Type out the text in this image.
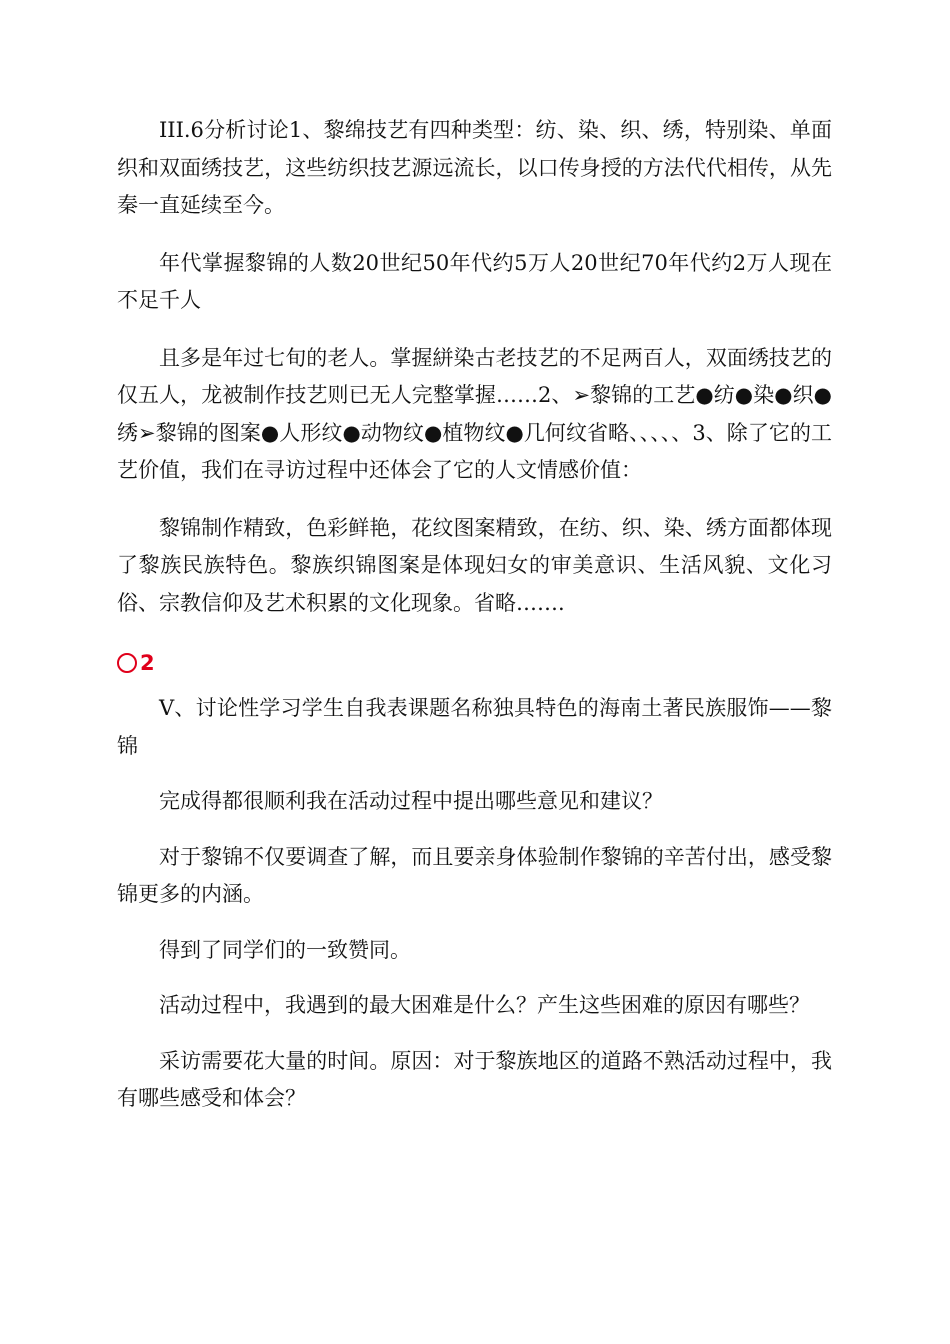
III.6分析讨论1、黎绵技艺有四种类型：纺、染、织、绣，特别染、单面织和双面绣技艺，这些纺织技艺源远流长，以口传身授的方法代代相传，从先秦一直延续至今。

年代掌握黎锦的人数20世纪50年代约5万人20世纪70年代约2万人现在不足千人

且多是年过七旬的老人。掌握絣染古老技艺的不足两百人，双面绣技艺的仅五人，龙被制作技艺则已无人完整掌握……2、➢黎锦的工艺●纺●染●织●绣➢黎锦的图案●人形纹●动物纹●植物纹●几何纹省略、、、、、3、除了它的工艺价值，我们在寻访过程中还体会了它的人文情感价值：

黎锦制作精致，色彩鲜艳，花纹图案精致，在纺、织、染、绣方面都体现了黎族民族特色。黎族织锦图案是体现妇女的审美意识、生活风貌、文化习俗、宗教信仰及艺术积累的文化现象。省略…….

2

V、讨论性学习学生自我表课题名称独具特色的海南土著民族服饰——黎锦

完成得都很顺利我在活动过程中提出哪些意见和建议？

对于黎锦不仅要调查了解，而且要亲身体验制作黎锦的辛苦付出，感受黎锦更多的内涵。

得到了同学们的一致赞同。

活动过程中，我遇到的最大困难是什么？产生这些困难的原因有哪些？

采访需要花大量的时间。原因：对于黎族地区的道路不熟活动过程中，我有哪些感受和体会？
